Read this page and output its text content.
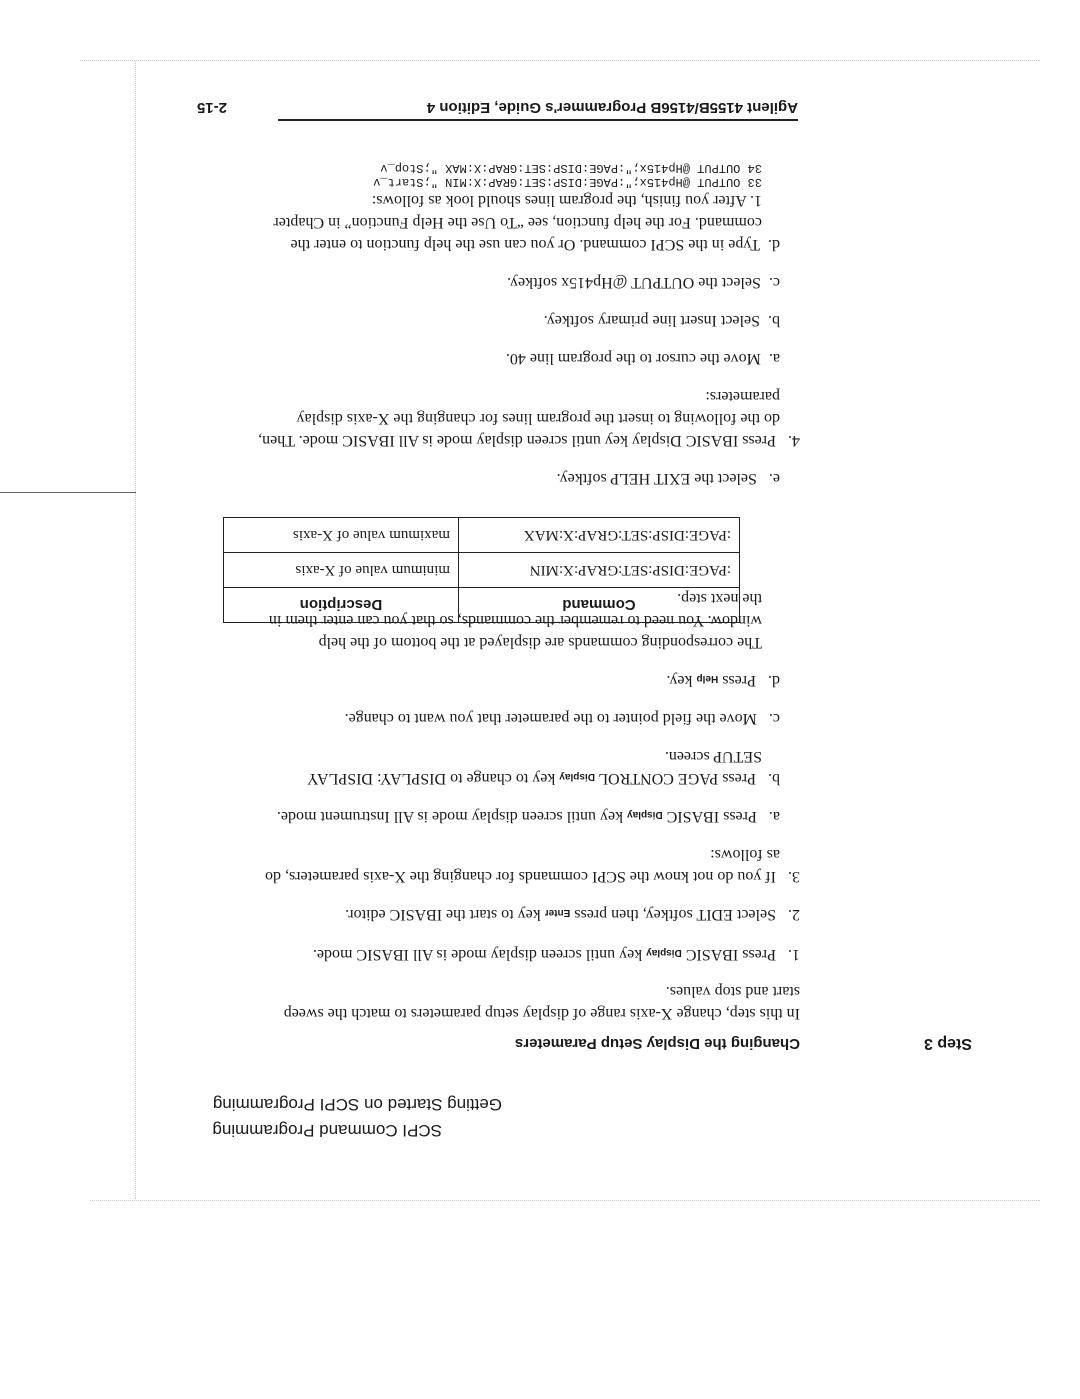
SCPI Command Programming
Getting Started on SCPI Programming
Step 3
Changing the Display Setup Parameters
In this step, change X-axis range of display setup parameters to match the sweep
start and stop values.
1.   Press IBASIC Display key until screen display mode is All IBASIC mode.
2.   Select EDIT softkey, then press Enter key to start the IBASIC editor.
3.   If you do not know the SCPI commands for changing the X-axis parameters, do
as follows:
a.   Press IBASIC Display key until screen display mode is All Instrument mode.
b.   Press PAGE CONTROL Display key to change to DISPLAY: DISPLAY
SETUP screen.
c.   Move the field pointer to the parameter that you want to change.
d.   Press Help key.
The corresponding commands are displayed at the bottom of the help
window. You need to remember the commands, so that you can enter them in
the next step.
Command	Description
:PAGE:DISP:SET:GRAP:X:MIN	minimum value of X-axis
:PAGE:DISP:SET:GRAP:X:MAX	maximum value of X-axis
e.   Select the EXIT HELP softkey.
4.   Press IBASIC Display key until screen display mode is All IBASIC mode. Then,
do the following to insert the program lines for changing the X-axis display
parameters:
a.  Move the cursor to the program line 40.
b.  Select Insert line primary softkey.
c.  Select the OUTPUT @Hp415x softkey.
d.  Type in the SCPI command. Or you can use the help function to enter the
command. For the help function, see “To Use the Help Function” in Chapter
1. After you finish, the program lines should look as follows:
33 OUTPUT @Hp415x;":PAGE:DISP:SET:GRAP:X:MIN ";Start_v
34 OUTPUT @Hp415x;":PAGE:DISP:SET:GRAP:X:MAX ";Stop_v
Agilent 4155B/4156B Programmer's Guide, Edition 4
2-15
